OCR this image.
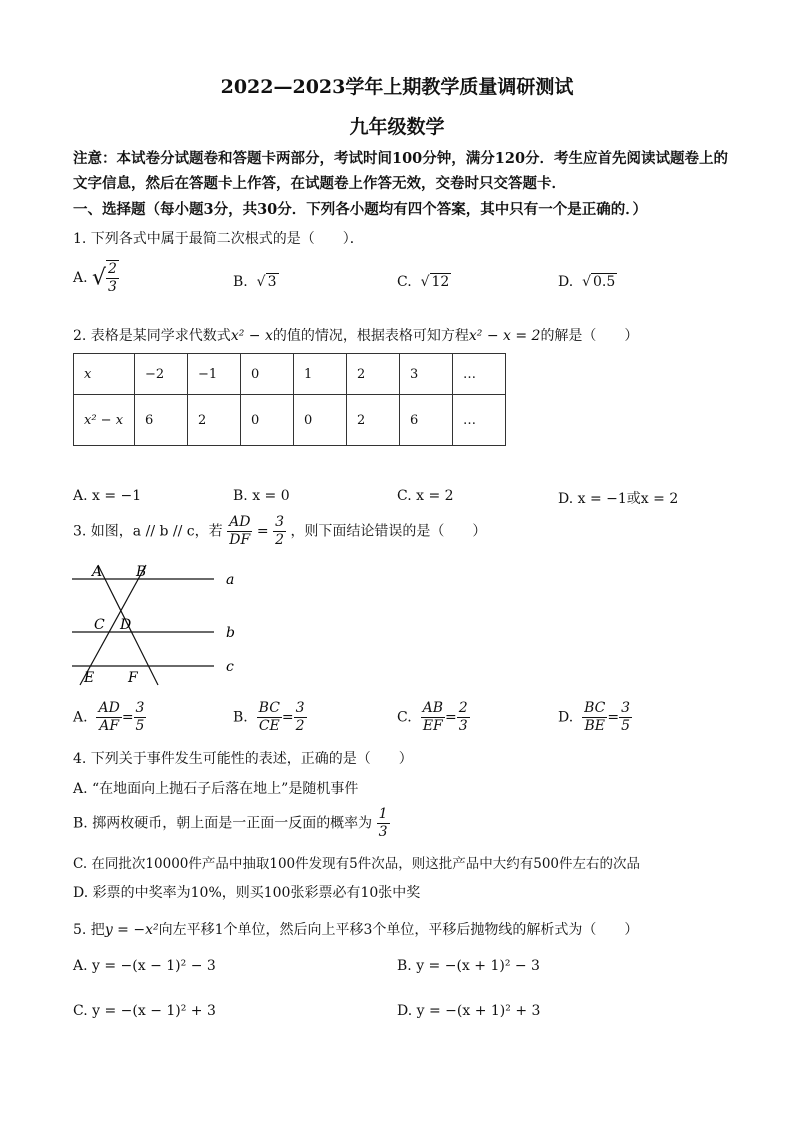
2022—2023学年上期教学质量调研测试
九年级数学
注意：本试卷分试题卷和答题卡两部分，考试时间100分钟，满分120分．考生应首先阅读试题卷上的文字信息，然后在答题卡上作答，在试题卷上作答无效，交卷时只交答题卡．
一、选择题（每小题3分，共30分．下列各小题均有四个答案，其中只有一个是正确的．）
1. 下列各式中属于最简二次根式的是（　　）．
A. √ $\frac{2}{3}$	B.  √ 3	C.  √ 12	D.  √ 0.5
2. 表格是某同学求代数式x² − x的值的情况，根据表格可知方程x² − x = 2的解是（　　）
x	−2	−1	0	1	2	3	…
x² − x	6	2	0	0	2	6	…
A. x = −1	B. x = 0	C. x = 2	D. x = −1或x = 2
3. 如图，a // b // c，若 $\frac{AD}{DF} = \frac{3}{2}$ ，则下面结论错误的是（　　）
A B
C D
E F
a
b
c
A. $\frac{AD}{AF} = \frac{3}{5}$	B. $\frac{BC}{CE} = \frac{3}{2}$	C. $\frac{AB}{EF} = \frac{2}{3}$	D. $\frac{BC}{BE} = \frac{3}{5}$
4. 下列关于事件发生可能性的表述，正确的是（　　）
A. “在地面向上抛石子后落在地上”是随机事件
B. 掷两枚硬币，朝上面是一正面一反面的概率为 $\frac{1}{3}$
C. 在同批次10000件产品中抽取100件发现有5件次品，则这批产品中大约有500件左右的次品
D. 彩票的中奖率为10%，则买100张彩票必有10张中奖
5. 把y = −x²向左平移1个单位，然后向上平移3个单位，平移后抛物线的解析式为（　　）
A. y = −(x − 1)² − 3	B. y = −(x + 1)² − 3
C. y = −(x − 1)² + 3	D. y = −(x + 1)² + 3
